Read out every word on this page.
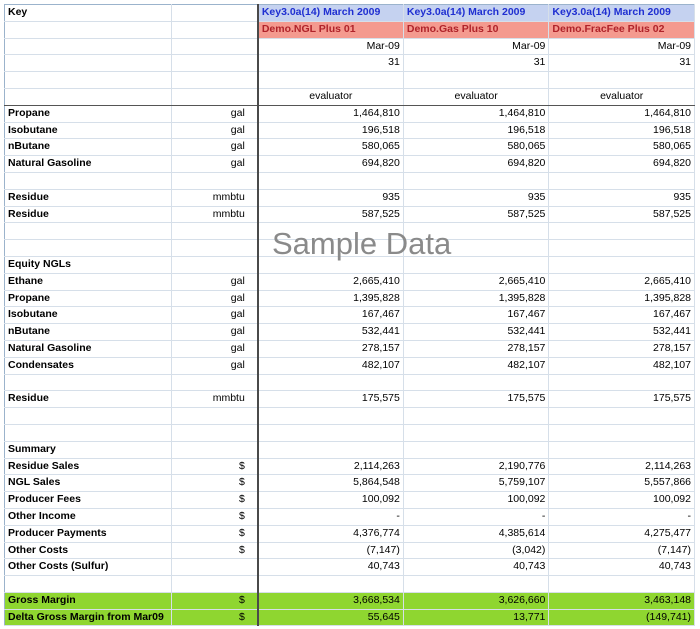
Key		Key3.0a(14) March 2009	Key3.0a(14) March 2009	Key3.0a(14) March 2009
		Demo.NGL Plus 01	Demo.Gas Plus 10	Demo.FracFee Plus 02
		Mar-09	Mar-09	Mar-09
		31	31	31

		evaluator	evaluator	evaluator
Propane	gal	1,464,810	1,464,810	1,464,810
Isobutane	gal	196,518	196,518	196,518
nButane	gal	580,065	580,065	580,065
Natural Gasoline	gal	694,820	694,820	694,820

Residue	mmbtu	935	935	935
Residue	mmbtu	587,525	587,525	587,525

Equity NGLs				
Ethane	gal	2,665,410	2,665,410	2,665,410
Propane	gal	1,395,828	1,395,828	1,395,828
Isobutane	gal	167,467	167,467	167,467
nButane	gal	532,441	532,441	532,441
Natural Gasoline	gal	278,157	278,157	278,157
Condensates	gal	482,107	482,107	482,107

Residue	mmbtu	175,575	175,575	175,575

Summary				
Residue Sales	$	2,114,263	2,190,776	2,114,263
NGL Sales	$	5,864,548	5,759,107	5,557,866
Producer Fees	$	100,092	100,092	100,092
Other Income	$	-	-	-
Producer Payments	$	4,376,774	4,385,614	4,275,477
Other Costs	$	(7,147)	(3,042)	(7,147)
Other Costs (Sulfur)		40,743	40,743	40,743

Gross Margin	$	3,668,534	3,626,660	3,463,148
Delta Gross Margin from Mar09	$	55,645	13,771	(149,741)
Sample Data
